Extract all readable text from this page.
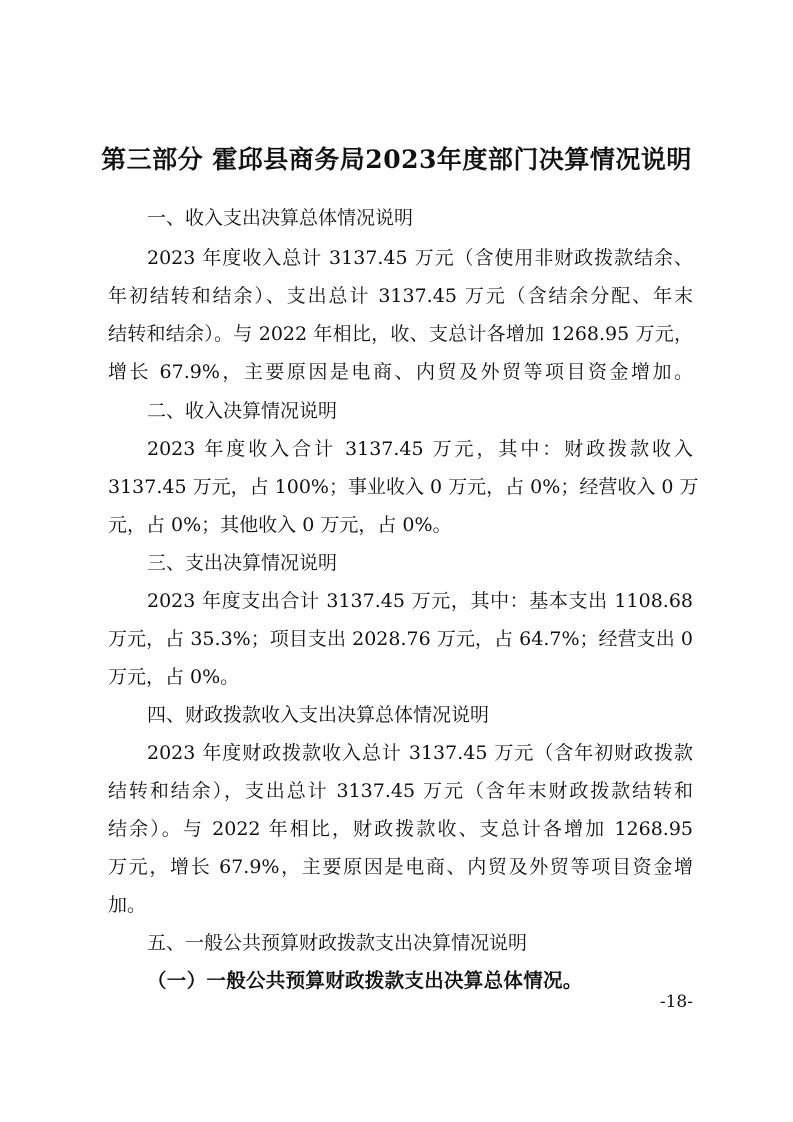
第三部分 霍邱县商务局2023年度部门决算情况说明
一、收入支出决算总体情况说明
2023 年度收入总计 3137.45 万元（含使用非财政拨款结余、
年初结转和结余）、支出总计 3137.45 万元（含结余分配、年末
结转和结余）。与 2022 年相比，收、支总计各增加 1268.95 万元，
增长 67.9%，主要原因是电商、内贸及外贸等项目资金增加。
二、收入决算情况说明
2023 年度收入合计 3137.45 万元，其中：财政拨款收入
3137.45 万元，占 100%；事业收入 0 万元，占 0%；经营收入 0 万
元，占 0%；其他收入 0 万元，占 0%。
三、支出决算情况说明
2023 年度支出合计 3137.45 万元，其中：基本支出 1108.68
万元，占 35.3%；项目支出 2028.76 万元，占 64.7%；经营支出 0
万元，占 0%。
四、财政拨款收入支出决算总体情况说明
2023 年度财政拨款收入总计 3137.45 万元（含年初财政拨款
结转和结余），支出总计 3137.45 万元（含年末财政拨款结转和
结余）。与 2022 年相比，财政拨款收、支总计各增加 1268.95
万元，增长 67.9%，主要原因是电商、内贸及外贸等项目资金增
加。
五、一般公共预算财政拨款支出决算情况说明
（一）一般公共预算财政拨款支出决算总体情况。
-18-
